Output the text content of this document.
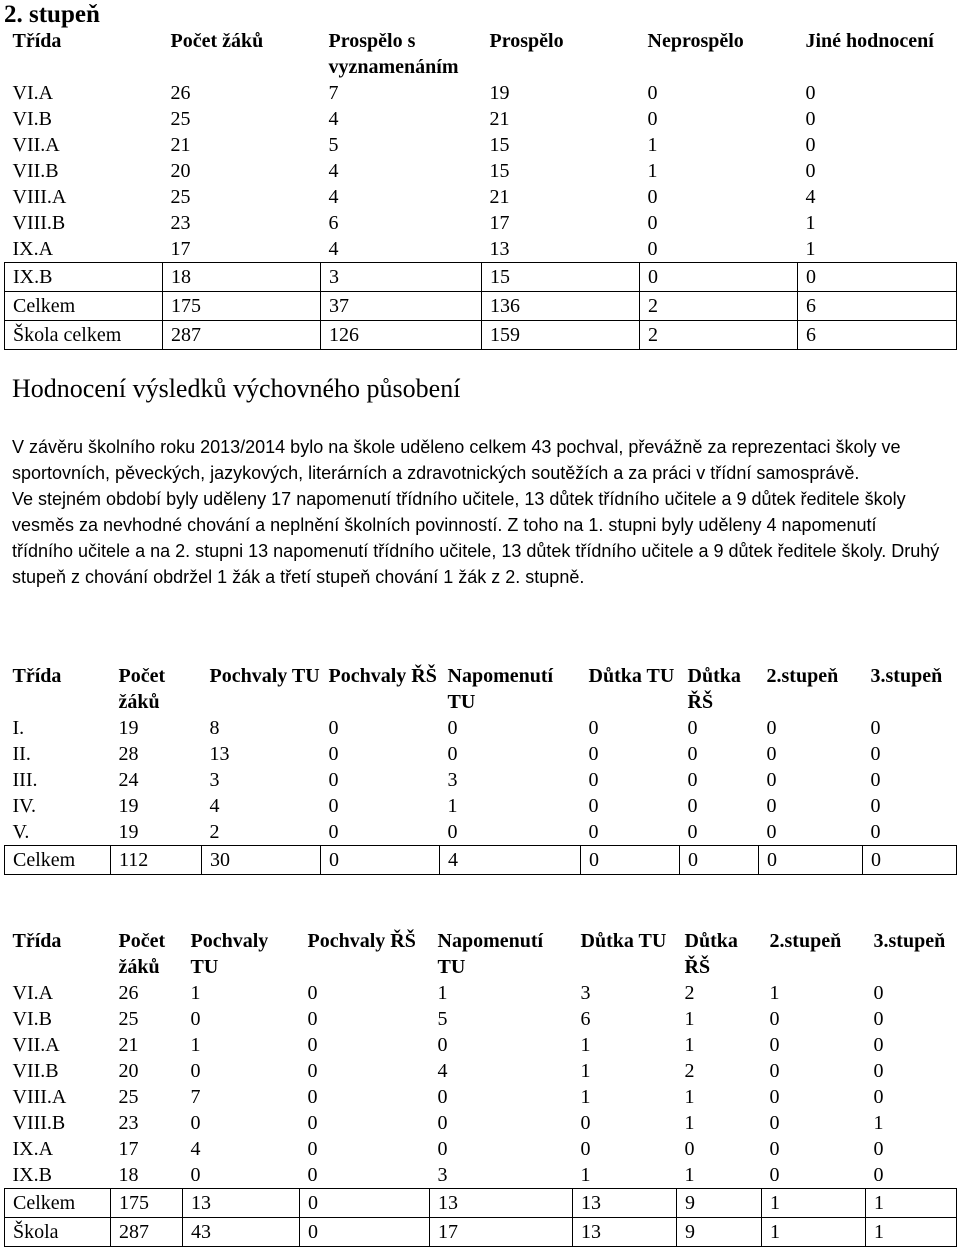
2. stupeň
Třída	Počet žáků	Prospělo s vyznamenáním	Prospělo	Neprospělo	Jiné hodnocení
VI.A	26	7	19	0	0
VI.B	25	4	21	0	0
VII.A	21	5	15	1	0
VII.B	20	4	15	1	0
VIII.A	25	4	21	0	4
VIII.B	23	6	17	0	1
IX.A	17	4	13	0	1
IX.B	18	3	15	0	0
Celkem	175	37	136	2	6
Škola celkem	287	126	159	2	6
Hodnocení výsledků výchovného působení

V závěru školního roku 2013/2014 bylo na škole uděleno celkem 43 pochval, převážně za reprezentaci školy ve sportovních, pěveckých, jazykových, literárních a zdravotnických soutěžích a za práci v třídní samosprávě.

Ve stejném období byly uděleny 17 napomenutí třídního učitele, 13 důtek třídního učitele a 9 důtek ředitele školy vesměs za nevhodné chování a neplnění školních povinností. Z toho na 1. stupni byly uděleny 4 napomenutí třídního učitele a na 2. stupni 13 napomenutí třídního učitele, 13 důtek třídního učitele a 9 důtek ředitele školy. Druhý stupeň z chování obdržel 1 žák a třetí stupeň chování 1 žák z 2. stupně.

Třída	Počet žáků	Pochvaly TU	Pochvaly ŘŠ	Napomenutí TU	Důtka TU	Důtka ŘŠ	2.stupeň	3.stupeň
I.	19	8	0	0	0	0	0	0
II.	28	13	0	0	0	0	0	0
III.	24	3	0	3	0	0	0	0
IV.	19	4	0	1	0	0	0	0
V.	19	2	0	0	0	0	0	0
Celkem	112	30	0	4	0	0	0	0
Třída	Počet žáků	Pochvaly TU	Pochvaly ŘŠ	Napomenutí TU	Důtka TU	Důtka ŘŠ	2.stupeň	3.stupeň
VI.A	26	1	0	1	3	2	1	0
VI.B	25	0	0	5	6	1	0	0
VII.A	21	1	0	0	1	1	0	0
VII.B	20	0	0	4	1	2	0	0
VIII.A	25	7	0	0	1	1	0	0
VIII.B	23	0	0	0	0	1	0	1
IX.A	17	4	0	0	0	0	0	0
IX.B	18	0	0	3	1	1	0	0
Celkem	175	13	0	13	13	9	1	1
Škola	287	43	0	17	13	9	1	1
